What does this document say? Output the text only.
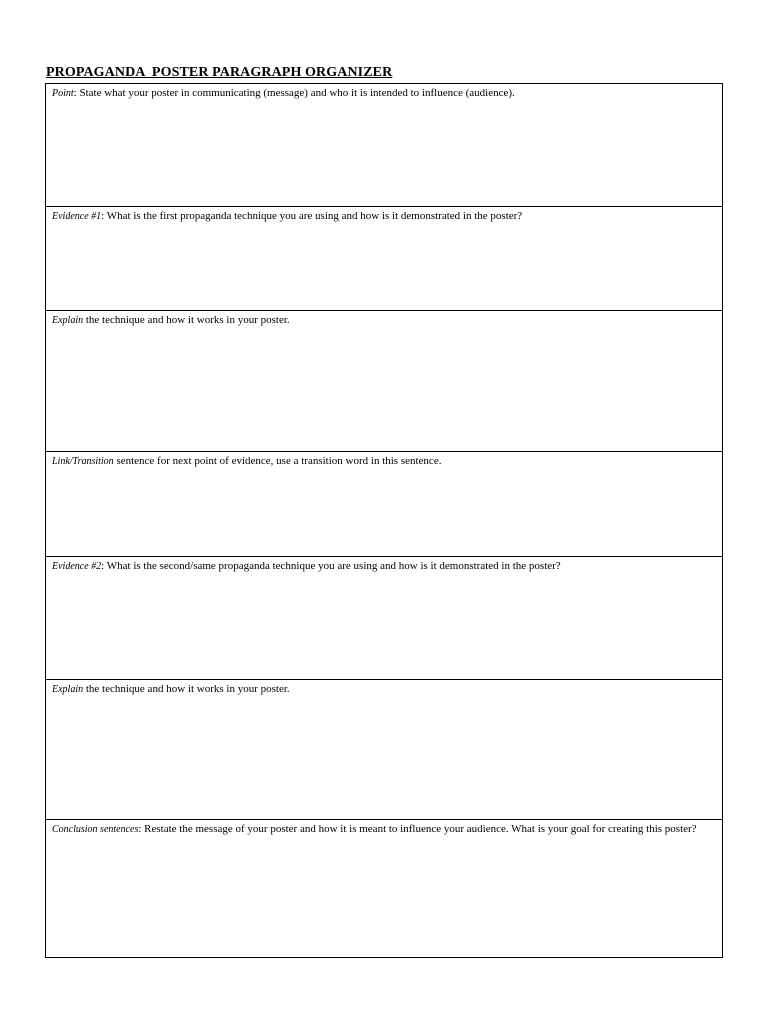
PROPAGANDA  POSTER PARAGRAPH ORGANIZER
Point: State what your poster in communicating (message) and who it is intended to influence (audience).
Evidence #1: What is the first propaganda technique you are using and how is it demonstrated in the poster?
Explain the technique and how it works in your poster.
Link/Transition sentence for next point of evidence, use a transition word in this sentence.
Evidence #2: What is the second/same propaganda technique you are using and how is it demonstrated in the poster?
Explain the technique and how it works in your poster.
Conclusion sentences: Restate the message of your poster and how it is meant to influence your audience. What is your goal for creating this poster?
